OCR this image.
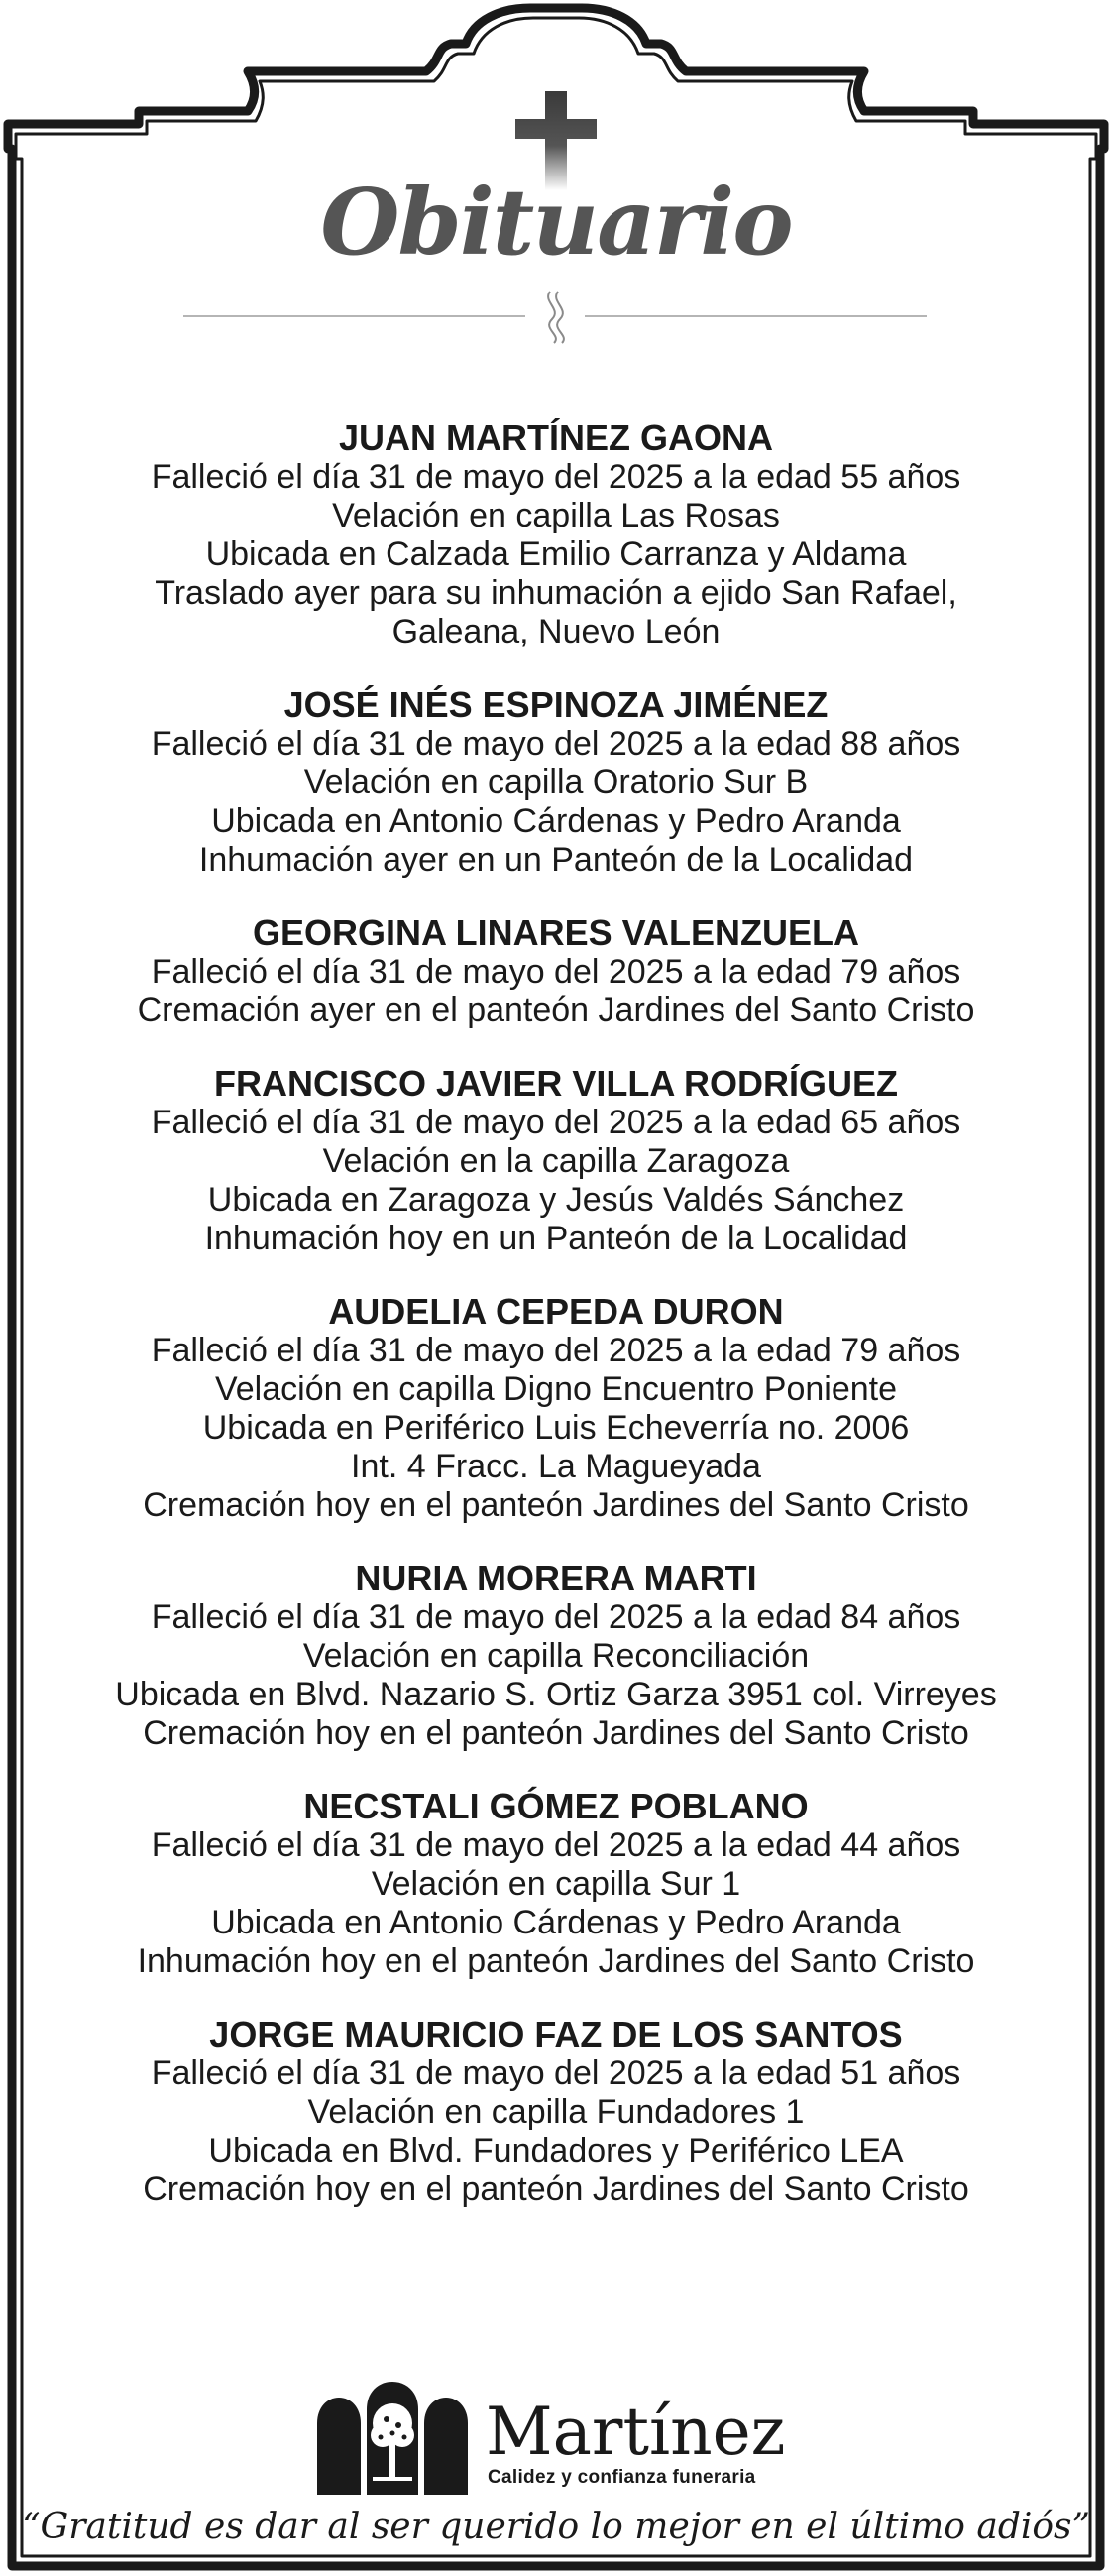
Obituario
JUAN MARTÍNEZ GAONA
Falleció el día 31 de mayo del 2025 a la edad 55 años
Velación en capilla Las Rosas
Ubicada en Calzada Emilio Carranza y Aldama
Traslado ayer para su inhumación a ejido San Rafael,
Galeana, Nuevo León
JOSÉ INÉS ESPINOZA JIMÉNEZ
Falleció el día 31 de mayo del 2025 a la edad 88 años
Velación en capilla Oratorio Sur B
Ubicada en Antonio Cárdenas y Pedro Aranda
Inhumación ayer en un Panteón de la Localidad
GEORGINA LINARES VALENZUELA
Falleció el día 31 de mayo del 2025 a la edad 79 años
Cremación ayer en el panteón Jardines del Santo Cristo
FRANCISCO JAVIER VILLA RODRÍGUEZ
Falleció el día 31 de mayo del 2025 a la edad 65 años
Velación en la capilla Zaragoza
Ubicada en Zaragoza y Jesús Valdés Sánchez
Inhumación hoy en un Panteón de la Localidad
AUDELIA CEPEDA DURON
Falleció el día 31 de mayo del 2025 a la edad 79 años
Velación en capilla Digno Encuentro Poniente
Ubicada en Periférico Luis Echeverría no. 2006
Int. 4 Fracc. La Magueyada
Cremación hoy en el panteón Jardines del Santo Cristo
NURIA MORERA MARTI
Falleció el día 31 de mayo del 2025 a la edad 84 años
Velación en capilla Reconciliación
Ubicada en Blvd. Nazario S. Ortiz Garza 3951 col. Virreyes
Cremación hoy en el panteón Jardines del Santo Cristo
NECSTALI GÓMEZ POBLANO
Falleció el día 31 de mayo del 2025 a la edad 44 años
Velación en capilla Sur 1
Ubicada en Antonio Cárdenas y Pedro Aranda
Inhumación hoy en el panteón Jardines del Santo Cristo
JORGE MAURICIO FAZ DE LOS SANTOS
Falleció el día 31 de mayo del 2025 a la edad 51 años
Velación en capilla Fundadores 1
Ubicada en Blvd. Fundadores y Periférico LEA
Cremación hoy en el panteón Jardines del Santo Cristo
Martínez
Calidez y confianza funeraria
“Gratitud es dar al ser querido lo mejor en el último adiós”
